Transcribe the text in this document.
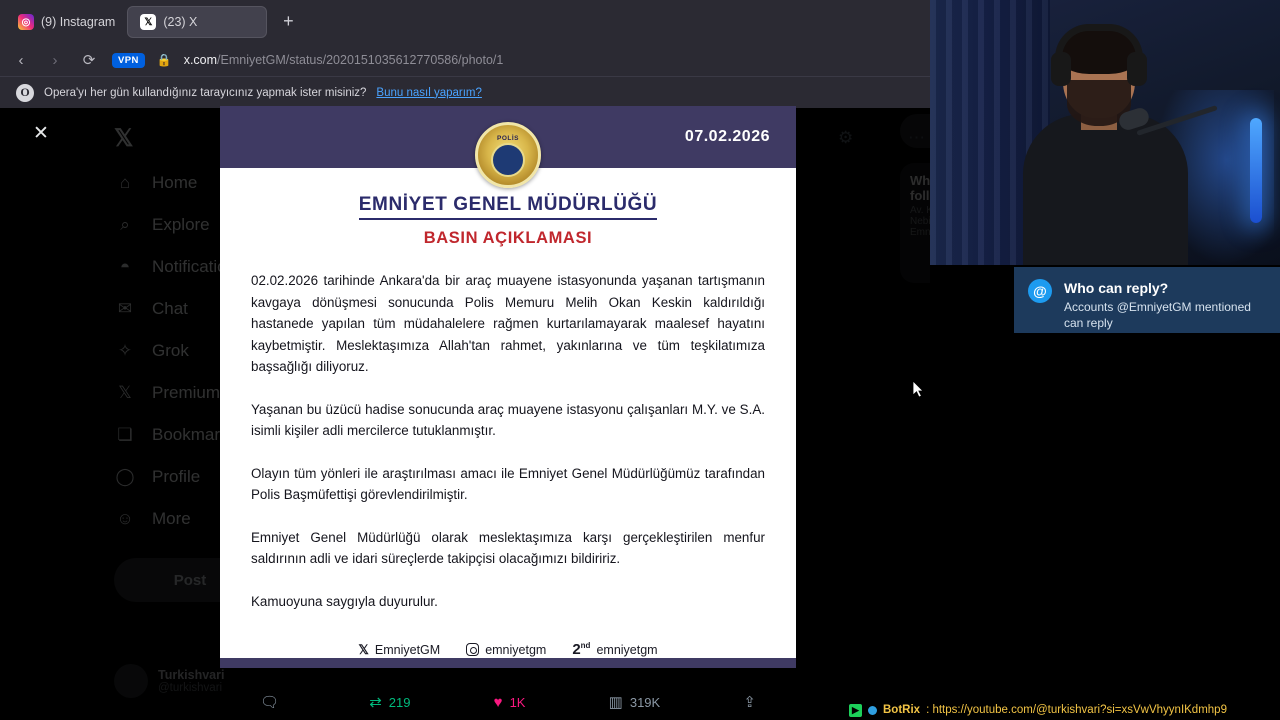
◎ (9) Instagram	𝕏 (23) X	+
‹	›	⟳	VPN	🔒 x.com/EmniyetGM/status/2020151035612770586/photo/1
O	Opera'yı her gün kullandığınız tarayıcınız yapmak ister misiniz? Bunu nasıl yaparım?
✕	POLİS	07.02.2026
EMNİYET GENEL MÜDÜRLÜĞÜ
BASIN AÇIKLAMASI

02.02.2026 tarihinde Ankara'da bir araç muayene istasyonunda yaşanan tartışmanın kavgaya dönüşmesi sonucunda Polis Memuru Melih Okan Keskin kaldırıldığı hastanede yapılan tüm müdahalelere rağmen kurtarılamayarak maalesef hayatını kaybetmiştir. Meslektaşımıza Allah'tan rahmet, yakınlarına ve tüm teşkilatımıza başsağlığı diliyoruz.

Yaşanan bu üzücü hadise sonucunda araç muayene istasyonu çalışanları M.Y. ve S.A. isimli kişiler adli mercilerce tutuklanmıştır.

Olayın tüm yönleri ile araştırılması amacı ile Emniyet Genel Müdürlüğümüz tarafından Polis Başmüfettişi görevlendirilmiştir.

Emniyet Genel Müdürlüğü olarak meslektaşımıza karşı gerçekleştirilen menfur saldırının adli ve idari süreçlerde takipçisi olacağımızı bildiririz.

Kamuoyuna saygıyla duyurulur.

𝕏 EmniyetGM	emniyetgm 2nd emniyetgm
🗨	⇄ 219	♥ 1K	▥ 319K	⇪
@	Who can reply?
Accounts @EmniyetGM mentioned can reply
▶ BotRix : https://youtube.com/@turkishvari?si=xsVwVhyynIKdmhp9
